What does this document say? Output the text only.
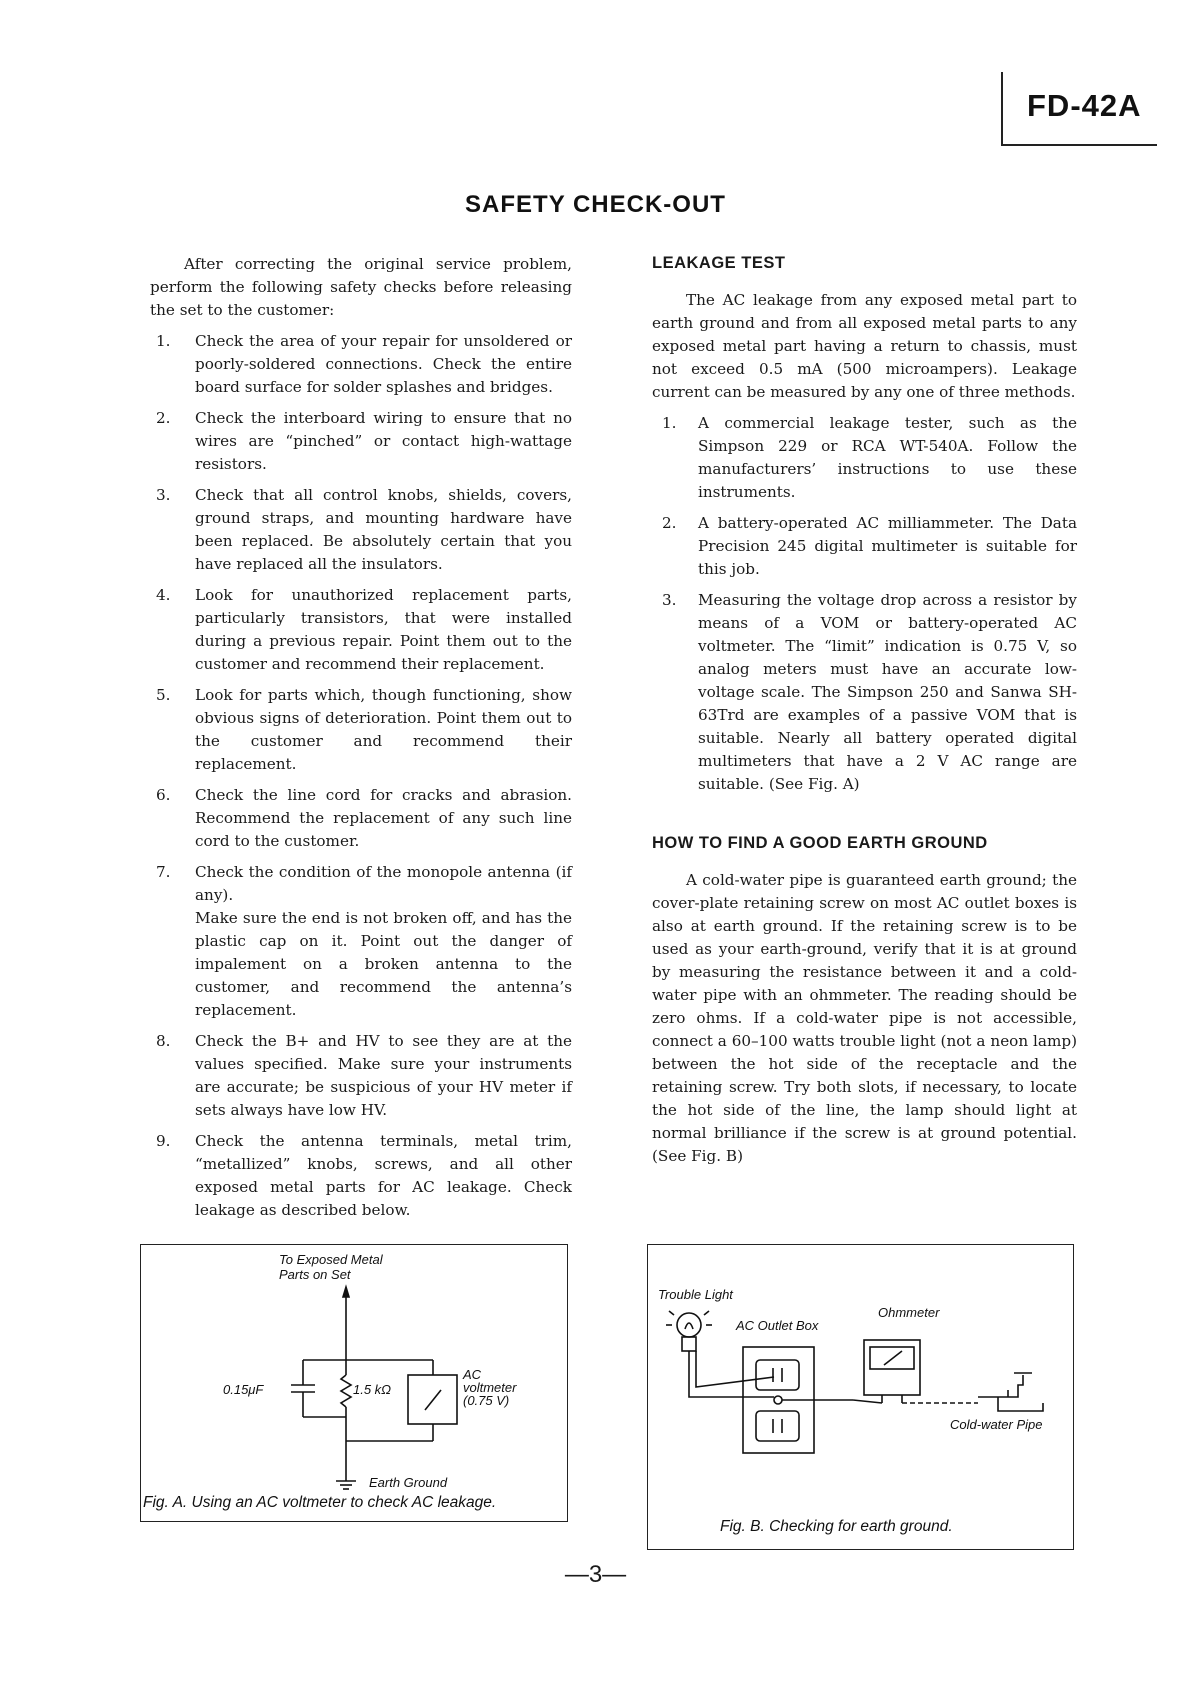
FD-42A
SAFETY CHECK-OUT

After correcting the original service problem, perform the following safety checks before releasing the set to the customer:

1. Check the area of your repair for unsoldered or poorly-soldered connections. Check the entire board surface for solder splashes and bridges.
2. Check the interboard wiring to ensure that no wires are “pinched” or contact high-wattage resistors.
3. Check that all control knobs, shields, covers, ground straps, and mounting hardware have been replaced. Be absolutely certain that you have replaced all the insulators.
4. Look for unauthorized replacement parts, particularly transistors, that were installed during a previous repair. Point them out to the customer and recommend their replacement.
5. Look for parts which, though functioning, show obvious signs of deterioration. Point them out to the customer and recommend their replacement.
6. Check the line cord for cracks and abrasion. Recommend the replacement of any such line cord to the customer.
7. Check the condition of the monopole antenna (if any).
Make sure the end is not broken off, and has the plastic cap on it. Point out the danger of impalement on a broken antenna to the customer, and recommend the antenna’s replacement.
8. Check the B+ and HV to see they are at the values specified. Make sure your instruments are accurate; be suspicious of your HV meter if sets always have low HV.
9. Check the antenna terminals, metal trim, “metallized” knobs, screws, and all other exposed metal parts for AC leakage. Check leakage as described below.
LEAKAGE TEST

The AC leakage from any exposed metal part to earth ground and from all exposed metal parts to any exposed metal part having a return to chassis, must not exceed 0.5 mA (500 microampers). Leakage current can be measured by any one of three methods.

1. A commercial leakage tester, such as the Simpson 229 or RCA WT-540A. Follow the manufacturers’ instructions to use these instruments.
2. A battery-operated AC milliammeter. The Data Precision 245 digital multimeter is suitable for this job.
3. Measuring the voltage drop across a resistor by means of a VOM or battery-operated AC voltmeter. The “limit” indication is 0.75 V, so analog meters must have an accurate low-voltage scale. The Simpson 250 and Sanwa SH-63Trd are examples of a passive VOM that is suitable. Nearly all battery operated digital multimeters that have a 2 V AC range are suitable. (See Fig. A)
HOW TO FIND A GOOD EARTH GROUND

A cold-water pipe is guaranteed earth ground; the cover-plate retaining screw on most AC outlet boxes is also at earth ground. If the retaining screw is to be used as your earth-ground, verify that it is at ground by measuring the resistance between it and a cold-water pipe with an ohmmeter. The reading should be zero ohms. If a cold-water pipe is not accessible, connect a 60–100 watts trouble light (not a neon lamp) between the hot side of the receptacle and the retaining screw. Try both slots, if necessary, to locate the hot side of the line, the lamp should light at normal brilliance if the screw is at ground potential. (See Fig. B)

To Exposed Metal
Parts on Set
0.15μF	1.5 kΩ
AC
voltmeter
(0.75 V)
Earth Ground
Fig. A. Using an AC voltmeter to check AC leakage.
Trouble Light
AC Outlet Box
Ohmmeter
Cold-water Pipe
Fig. B. Checking for earth ground.
—3—
